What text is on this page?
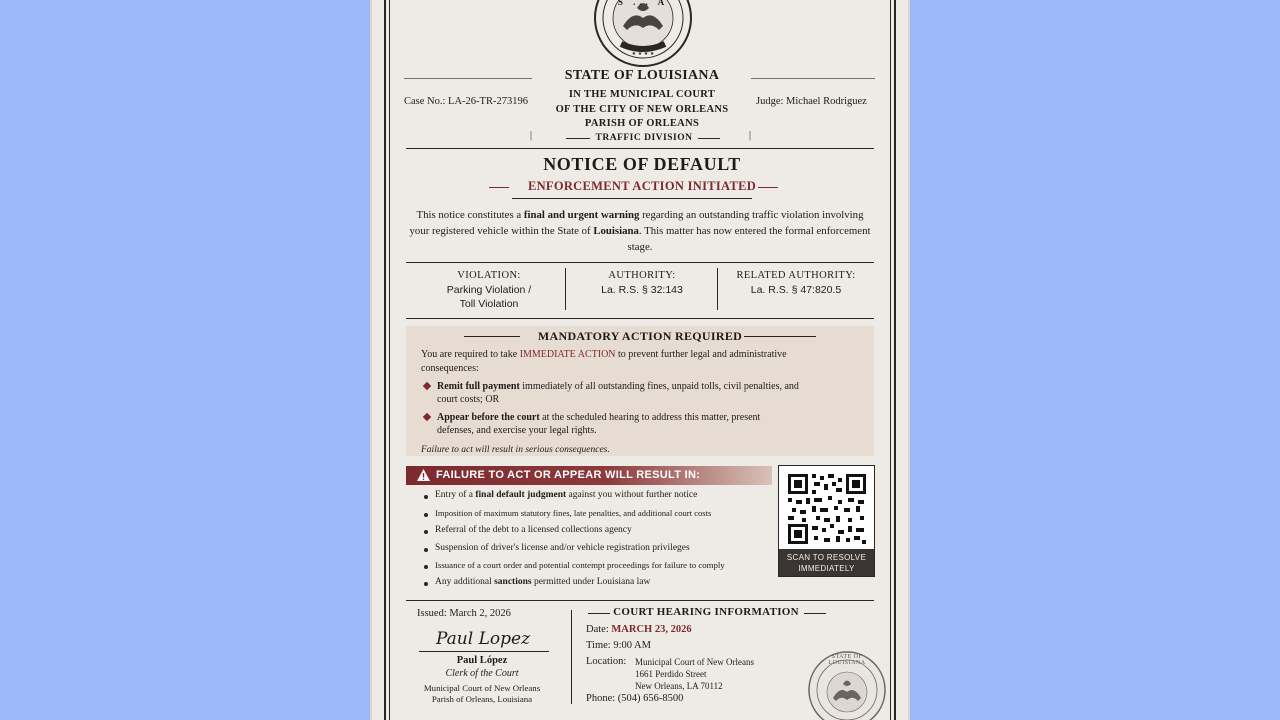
★ ★ ★ ★
S ... A
STATE OF LOUISIANA
IN THE MUNICIPAL COURT
OF THE CITY OF NEW ORLEANS
PARISH OF ORLEANS
|	|
TRAFFIC DIVISION
Case No.: LA-26-TR-273196	Judge: Michael Rodriguez
NOTICE OF DEFAULT
ENFORCEMENT ACTION INITIATED
This notice constitutes a final and urgent warning regarding an outstanding traffic violation involving your registered vehicle within the State of Louisiana. This matter has now entered the formal enforcement stage.
VIOLATION:
Parking Violation /
Toll Violation
AUTHORITY:
La. R.S. § 32:143
RELATED AUTHORITY:
La. R.S. § 47:820.5
MANDATORY ACTION REQUIRED
You are required to take IMMEDIATE ACTION to prevent further legal and administrative
consequences:
Remit full payment immediately of all outstanding fines, unpaid tolls, civil penalties, and
court costs; OR
Appear before the court at the scheduled hearing to address this matter, present
defenses, and exercise your legal rights.
Failure to act will result in serious consequences.
FAILURE TO ACT OR APPEAR WILL RESULT IN:
Entry of a final default judgment against you without further notice
Imposition of maximum statutory fines, late penalties, and additional court costs
Referral of the debt to a licensed collections agency
Suspension of driver's license and/or vehicle registration privileges
Issuance of a court order and potential contempt proceedings for failure to comply
Any additional sanctions permitted under Louisiana law
SCAN TO RESOLVE
IMMEDIATELY
Issued: March 2, 2026
Paul Lopez
Paul López
Clerk of the Court
Municipal Court of New Orleans
Parish of Orleans, Louisiana
COURT HEARING INFORMATION
Date: MARCH 23, 2026
Time: 9:00 AM
Location: Municipal Court of New Orleans
1661 Perdido Street
New Orleans, LA 70112
Phone: (504) 656-8500
STATE OF LOUISIANA
